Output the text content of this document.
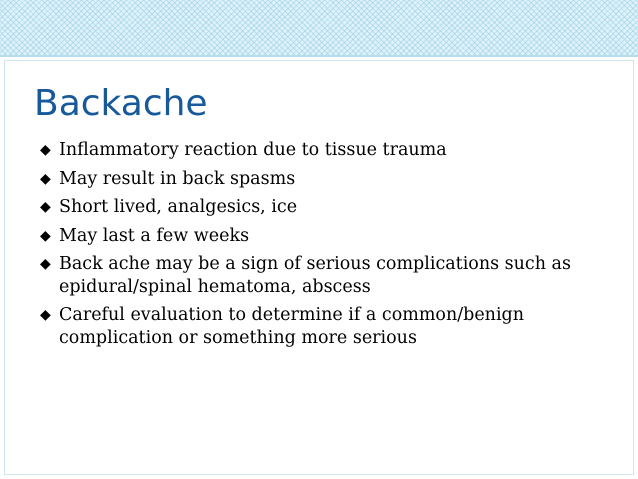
Backache
◆ Inflammatory reaction due to tissue trauma
◆ May result in back spasms
◆ Short lived, analgesics, ice
◆ May last a few weeks
◆ Back ache may be a sign of serious complications such as epidural/spinal hematoma, abscess
◆ Careful evaluation to determine if a common/benign complication or something more serious
